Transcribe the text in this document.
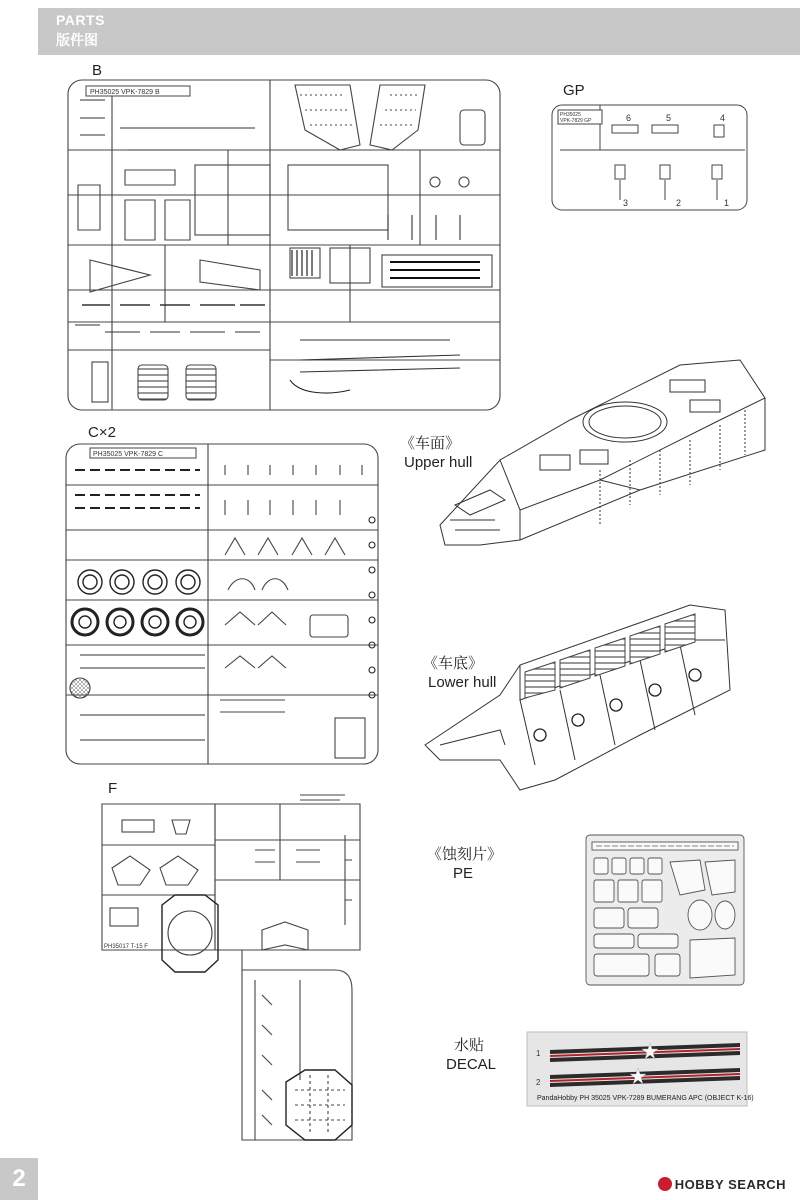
PARTS
版件图
2
B
GP
C×2
F
《车面》
Upper hull
《车底》
Lower hull
《蚀刻片》
PE
水贴
DECAL
HOBBY SEARCH
PH35025 VPK-7829 B
PH35025
VPK-7829 GP	6	5	4
3	2	1
PH35025 VPK-7829 C
PH35017 T-15 F
1
2
PandaHobby PH 35025 VPK-7289 BUMERANG APC (OBJECT K-16)
